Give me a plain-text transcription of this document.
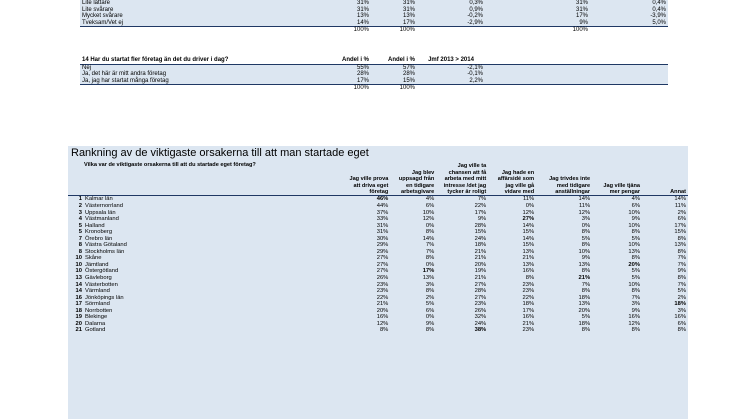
Lite lättare	31%	31%	0,3%		31%	0,4%
Lite svårare	31%	31%	0,9%		31%	0,4%
Mycket svårare	13%	13%	-0,2%		17%	-3,9%
Tveksam/Vet ej	14%	17%	-2,9%		9%	5,0%
	100%	100%			100%	
14 Har du startat fler företag än det du driver i dag?	Andel i %	Andel i %	Jmf 2013 > 2014	
Nej	55%	57%	-2,1%	
Ja, det här är mitt andra företag	28%	28%	-0,1%	
Ja, jag har startat många företag	17%	15%	2,2%	
	100%	100%		
Rankning av de viktigaste orsakerna till att man startade eget
Vilka var de viktigaste orsakerna till att du startade eget företag?		Jag ville prova att driva eget företag	Jag blev uppsagd från en tidigare arbetsgivare	Jag ville ta chansen att få arbeta med mitt intresse /det jag tycker är roligt	Jag hade en affärsidé som jag ville gå vidare med	Jag trivdes inte med tidigare anställningar	Jag ville tjäna mer pengar	Annat
1	Kalmar län	46%	4%	7%	11%	14%	4%	14%
2	Västernorrland	44%	6%	22%	0%	11%	6%	11%
3	Uppsala län	37%	10%	17%	12%	12%	10%	2%
4	Västmanland	33%	12%	9%	27%	3%	9%	6%
5	Halland	31%	0%	28%	14%	0%	10%	17%
5	Kronoberg	31%	8%	15%	15%	8%	8%	15%
7	Örebro län	30%	14%	24%	14%	5%	5%	8%
8	Västra Götaland	29%	7%	18%	15%	8%	10%	13%
8	Stockholms län	29%	7%	21%	13%	10%	13%	8%
10	Skåne	27%	8%	21%	21%	9%	8%	7%
10	Jämtland	27%	0%	20%	13%	13%	20%	7%
10	Östergötland	27%	17%	19%	16%	8%	5%	9%
13	Gävleborg	26%	13%	21%	8%	21%	5%	8%
14	Västerbotten	23%	3%	27%	23%	7%	10%	7%
14	Värmland	23%	8%	28%	23%	8%	8%	5%
16	Jönköpings län	22%	2%	27%	22%	18%	7%	2%
17	Sörmland	21%	5%	23%	18%	13%	3%	18%
18	Norrbotten	20%	6%	26%	17%	20%	9%	3%
19	Blekinge	16%	0%	32%	16%	5%	16%	16%
20	Dalarna	12%	9%	24%	21%	18%	12%	6%
21	Gotland	8%	8%	38%	23%	8%	8%	8%
